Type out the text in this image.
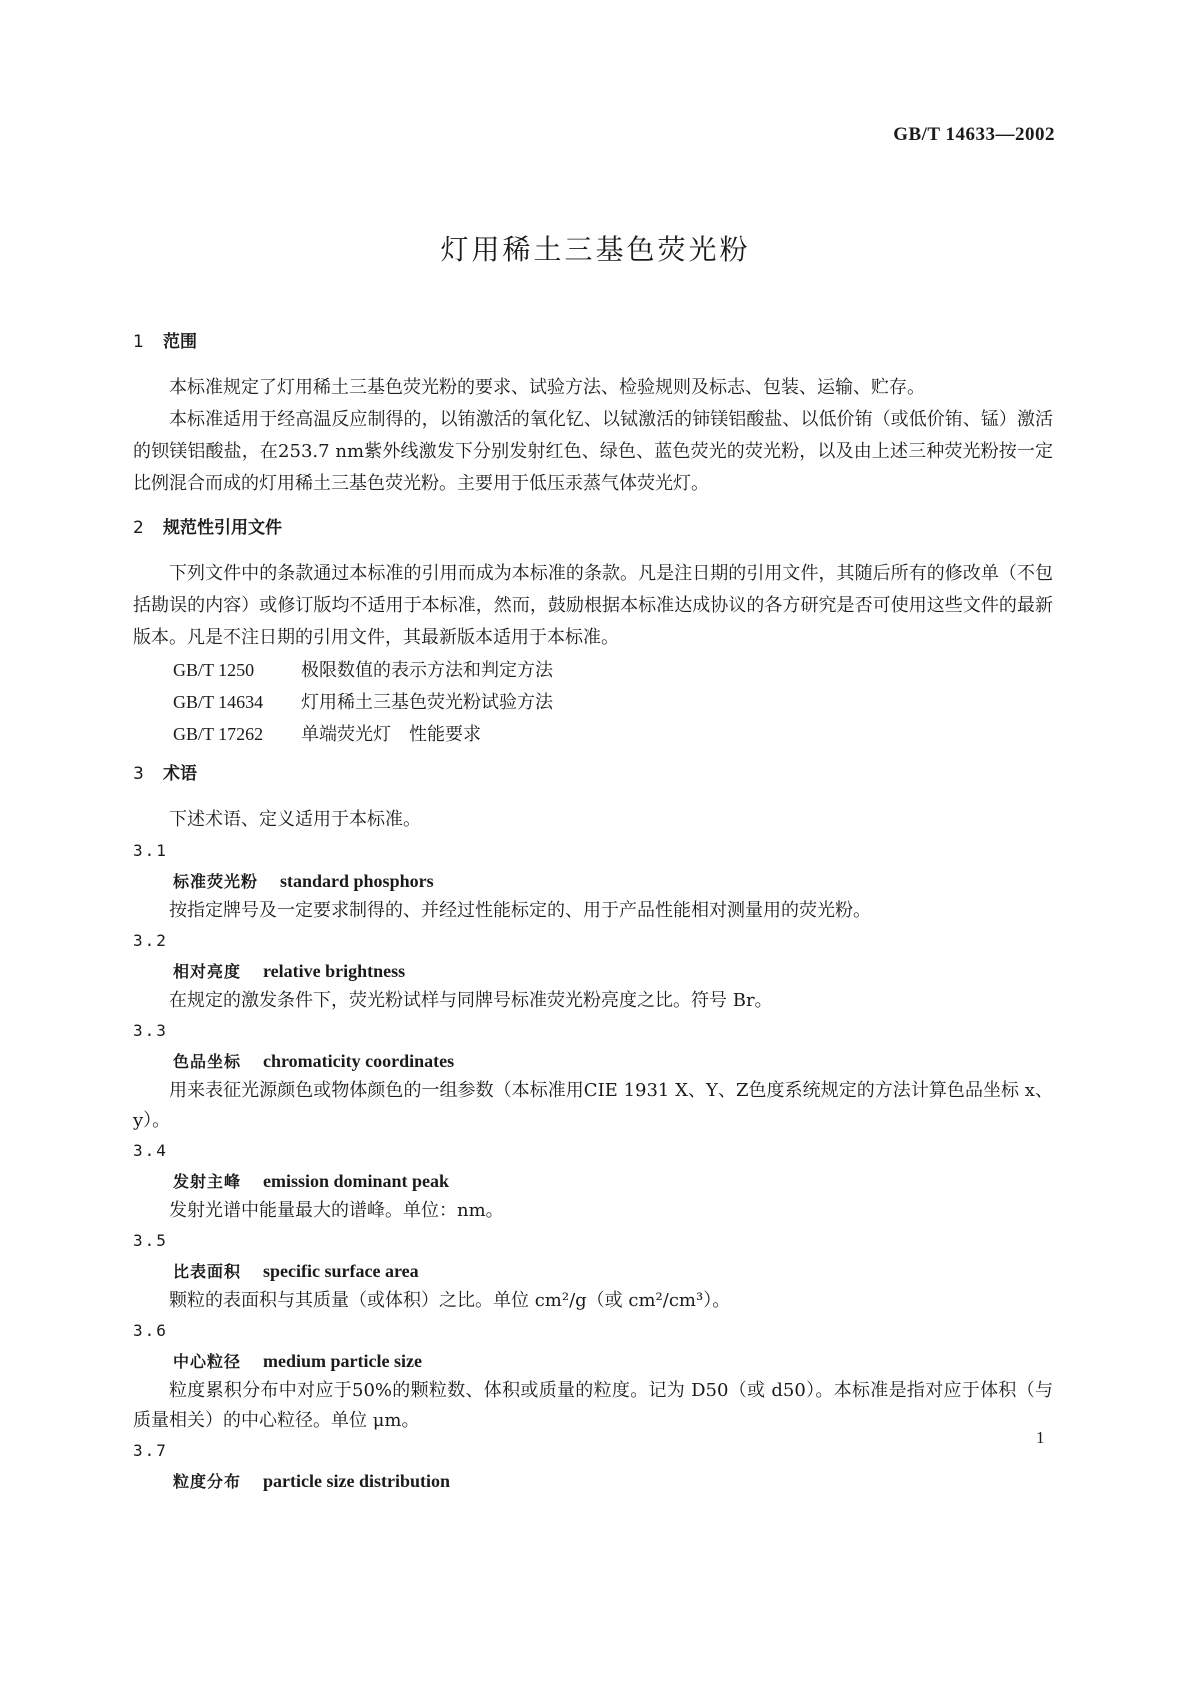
GB/T 14633—2002
灯用稀土三基色荧光粉
1 范围

本标准规定了灯用稀土三基色荧光粉的要求、试验方法、检验规则及标志、包装、运输、贮存。

本标准适用于经高温反应制得的，以铕激活的氧化钇、以铽激活的铈镁铝酸盐、以低价铕（或低价铕、锰）激活的钡镁铝酸盐，在253.7 nm紫外线激发下分别发射红色、绿色、蓝色荧光的荧光粉，以及由上述三种荧光粉按一定比例混合而成的灯用稀土三基色荧光粉。主要用于低压汞蒸气体荧光灯。

2 规范性引用文件

下列文件中的条款通过本标准的引用而成为本标准的条款。凡是注日期的引用文件，其随后所有的修改单（不包括勘误的内容）或修订版均不适用于本标准，然而，鼓励根据本标准达成协议的各方研究是否可使用这些文件的最新版本。凡是不注日期的引用文件，其最新版本适用于本标准。

GB/T 1250	极限数值的表示方法和判定方法
GB/T 14634 灯用稀土三基色荧光粉试验方法
GB/T 17262 单端荧光灯　性能要求
3 术语

下述术语、定义适用于本标准。

3.1
标准荧光粉 standard phosphors

按指定牌号及一定要求制得的、并经过性能标定的、用于产品性能相对测量用的荧光粉。

3.2
相对亮度 relative brightness

在规定的激发条件下，荧光粉试样与同牌号标准荧光粉亮度之比。符号 Br。

3.3
色品坐标 chromaticity coordinates

用来表征光源颜色或物体颜色的一组参数（本标准用CIE 1931 X、Y、Z色度系统规定的方法计算色品坐标 x、y）。

3.4
发射主峰 emission dominant peak

发射光谱中能量最大的谱峰。单位：nm。

3.5
比表面积 specific surface area

颗粒的表面积与其质量（或体积）之比。单位 cm²/g（或 cm²/cm³）。

3.6
中心粒径 medium particle size

粒度累积分布中对应于50%的颗粒数、体积或质量的粒度。记为 D50（或 d50）。本标准是指对应于体积（与质量相关）的中心粒径。单位 μm。

3.7
粒度分布 particle size distribution
1
